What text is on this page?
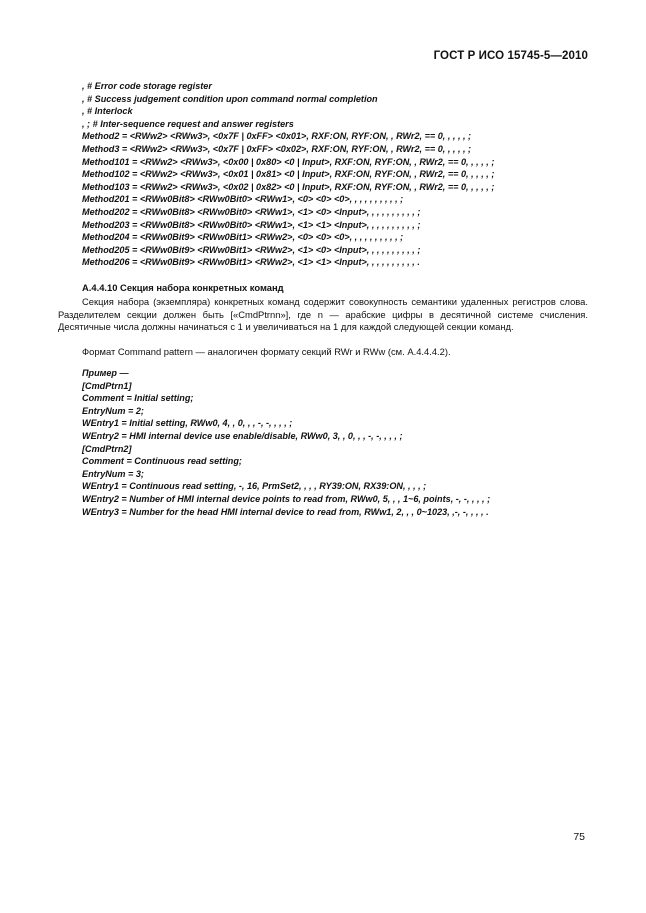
ГОСТ Р ИСО 15745-5—2010
, # Error code storage register
, # Success judgement condition upon command normal completion
, # Interlock
, ; # Inter-sequence request and answer registers
Method2 = <RWw2> <RWw3>, <0x7F | 0xFF> <0x01>, RXF:ON, RYF:ON, , RWr2, == 0, , , , , ;
Method3 = <RWw2> <RWw3>, <0x7F | 0xFF> <0x02>, RXF:ON, RYF:ON, , RWr2, == 0, , , , , ;
Method101 = <RWw2> <RWw3>, <0x00 | 0x80> <0 | Input>, RXF:ON, RYF:ON, , RWr2, == 0, , , , , ;
Method102 = <RWw2> <RWw3>, <0x01 | 0x81> <0 | Input>, RXF:ON, RYF:ON, , RWr2, == 0, , , , , ;
Method103 = <RWw2> <RWw3>, <0x02 | 0x82> <0 | Input>, RXF:ON, RYF:ON, , RWr2, == 0, , , , , ;
Method201 = <RWw0Bit8> <RWw0Bit0> <RWw1>, <0> <0> <0>, , , , , , , , , , ;
Method202 = <RWw0Bit8> <RWw0Bit0> <RWw1>, <1> <0> <Input>, , , , , , , , , , ;
Method203 = <RWw0Bit8> <RWw0Bit0> <RWw1>, <1> <1> <Input>, , , , , , , , , , ;
Method204 = <RWw0Bit9> <RWw0Bit1> <RWw2>, <0> <0> <0>, , , , , , , , , , ;
Method205 = <RWw0Bit9> <RWw0Bit1> <RWw2>, <1> <0> <Input>, , , , , , , , , , ;
Method206 = <RWw0Bit9> <RWw0Bit1> <RWw2>, <1> <1> <Input>, , , , , , , , , , .
А.4.4.10 Секция набора конкретных команд

Секция набора (экземпляра) конкретных команд содержит совокупность семантики удаленных регистров слова. Разделителем секции должен быть [«CmdPtrnn»], где n — арабские цифры в десятичной системе счисления. Десятичные числа должны начинаться с 1 и увеличиваться на 1 для каждой следующей секции команд.

Формат Command pattern — аналогичен формату секций RWr и RWw (см. А.4.4.4.2).

Пример —
[CmdPtrn1]
Comment = Initial setting;
EntryNum = 2;
WEntry1 = Initial setting, RWw0, 4, , 0, , , -, -, , , , ;
WEntry2 = HMI internal device use enable/disable, RWw0, 3, , 0, , , -, -, , , , ;
[CmdPtrn2]
Comment = Continuous read setting;
EntryNum = 3;
WEntry1 = Continuous read setting, -, 16, PrmSet2, , , , RY39:ON, RX39:ON, , , , ;
WEntry2 = Number of HMI internal device points to read from, RWw0, 5, , , 1~6, points, -, -, , , , ;
WEntry3 = Number for the head HMI internal device to read from, RWw1, 2, , , 0~1023, ,-, -, , , , .
75
